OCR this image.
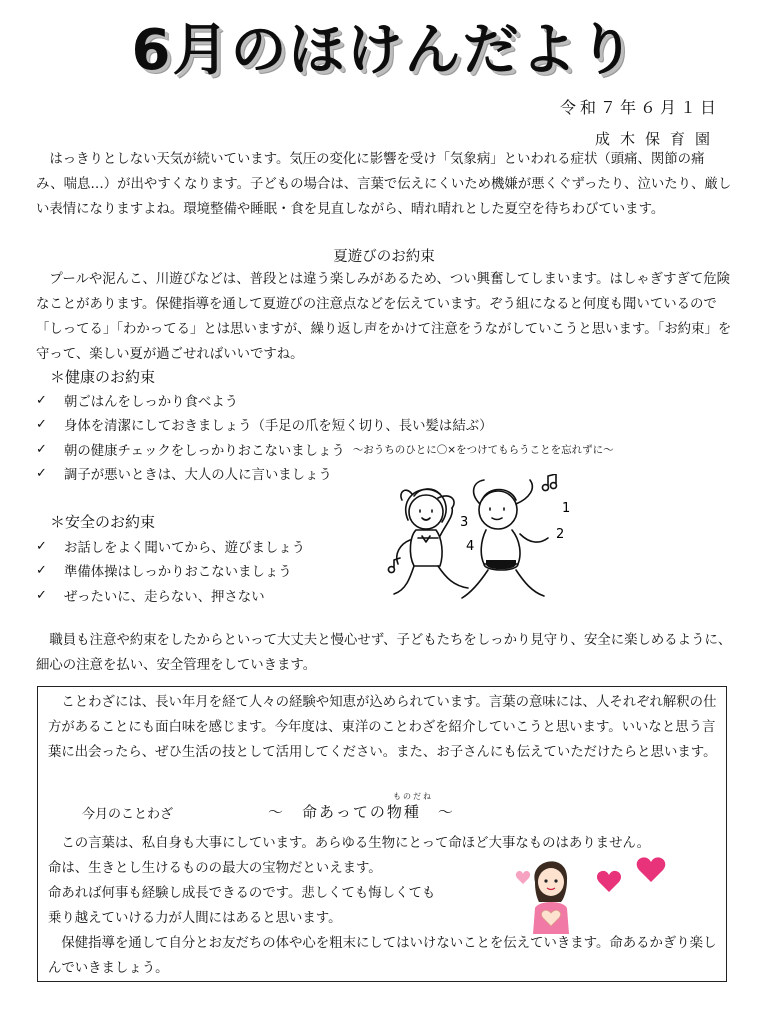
6月のほけんだより
令和７年６月１日
成木保育園

はっきりとしない天気が続いています。気圧の変化に影響を受け「気象病」といわれる症状（頭痛、関節の痛み、喘息…）が出やすくなります。子どもの場合は、言葉で伝えにくいため機嫌が悪くぐずったり、泣いたり、厳しい表情になりますよね。環境整備や睡眠・食を見直しながら、晴れ晴れとした夏空を待ちわびています。

夏遊びのお約束

プールや泥んこ、川遊びなどは、普段とは違う楽しみがあるため、つい興奮してしまいます。はしゃぎすぎて危険なことがあります。保健指導を通して夏遊びの注意点などを伝えています。ぞう組になると何度も聞いているので「しってる」「わかってる」とは思いますが、繰り返し声をかけて注意をうながしていこうと思います。「お約束」を守って、楽しい夏が過ごせればいいですね。

＊健康のお約束
✓	朝ごはんをしっかり食べよう
✓	身体を清潔にしておきましょう（手足の爪を短く切り、長い髪は結ぶ）
✓	朝の健康チェックをしっかりおこないましょう ～おうちのひとに〇×をつけてもらうことを忘れずに～
✓	調子が悪いときは、大人の人に言いましょう
＊安全のお約束
✓	お話しをよく聞いてから、遊びましょう
✓	準備体操はしっかりおこないましょう
✓	ぜったいに、走らない、押さない
3
4
1
2

職員も注意や約束をしたからといって大丈夫と慢心せず、子どもたちをしっかり見守り、安全に楽しめるように、細心の注意を払い、安全管理をしていきます。

ことわざには、長い年月を経て人々の経験や知恵が込められています。言葉の意味には、人それぞれ解釈の仕方があることにも面白味を感じます。今年度は、東洋のことわざを紹介していこうと思います。いいなと思う言葉に出会ったら、ぜひ生活の技として活用してください。また、お子さんにも伝えていただけたらと思います。

今月のことわざ
ものだね
～　命あっての物種　～

この言葉は、私自身も大事にしています。あらゆる生物にとって命ほど大事なものはありません。

命は、生きとし生けるものの最大の宝物だといえます。

命あれば何事も経験し成長できるのです。悲しくても悔しくても

乗り越えていける力が人間にはあると思います。

保健指導を通して自分とお友だちの体や心を粗末にしてはいけないことを伝えていきます。命あるかぎり楽しんでいきましょう。
